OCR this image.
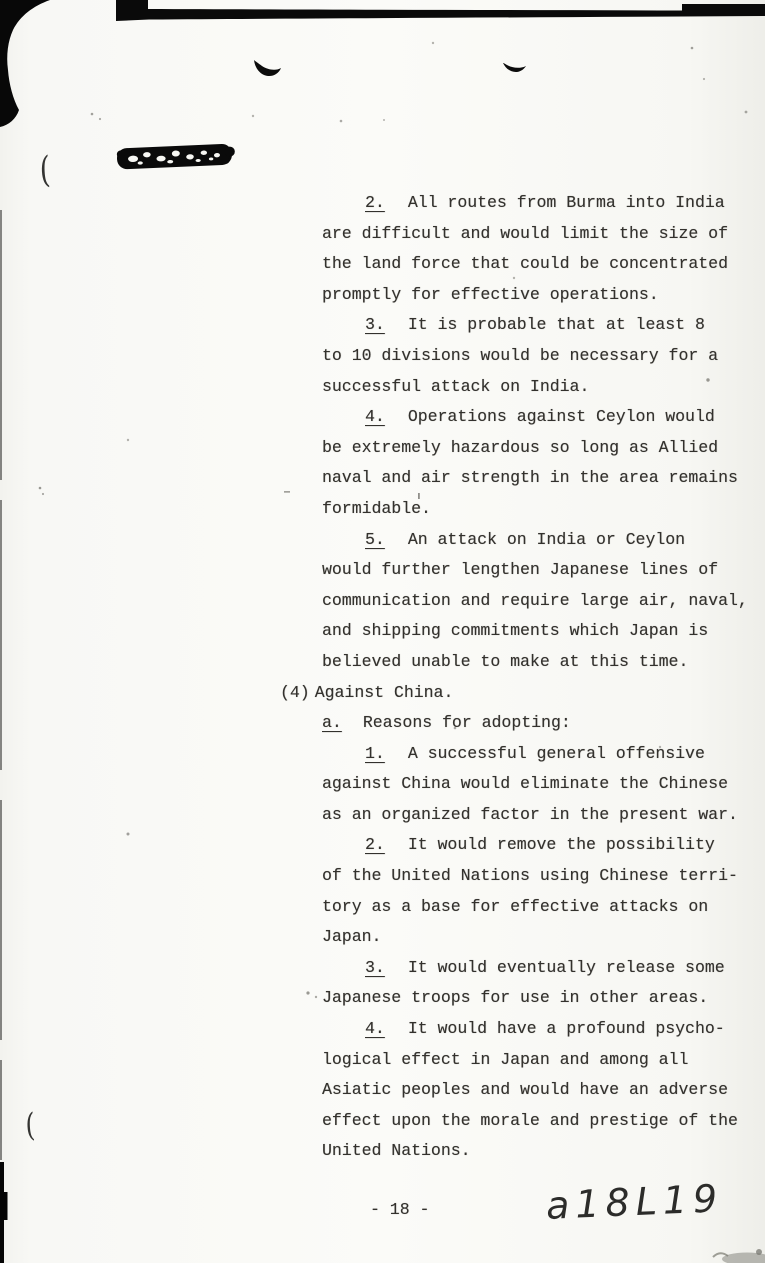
(
(
a18L19

2. All routes from Burma into India
are difficult and would limit the size of
the land force that could be concentrated
promptly for effective operations.

3. It is probable that at least 8
to 10 divisions would be necessary for a
successful attack on India.

4. Operations against Ceylon would
be extremely hazardous so long as Allied
naval and air strength in the area remains
formidable.

5. An attack on India or Ceylon
would further lengthen Japanese lines of
communication and require large air, naval,
and shipping commitments which Japan is
believed unable to make at this time.

(4) Against China.

a. Reasons for adopting:

1. A successful general offensive
against China would eliminate the Chinese
as an organized factor in the present war.

2. It would remove the possibility
of the United Nations using Chinese terri-
tory as a base for effective attacks on
Japan.

3. It would eventually release some
Japanese troops for use in other areas.

4. It would have a profound psycho-
logical effect in Japan and among all
Asiatic peoples and would have an adverse
effect upon the morale and prestige of the
United Nations.

- 18 -
